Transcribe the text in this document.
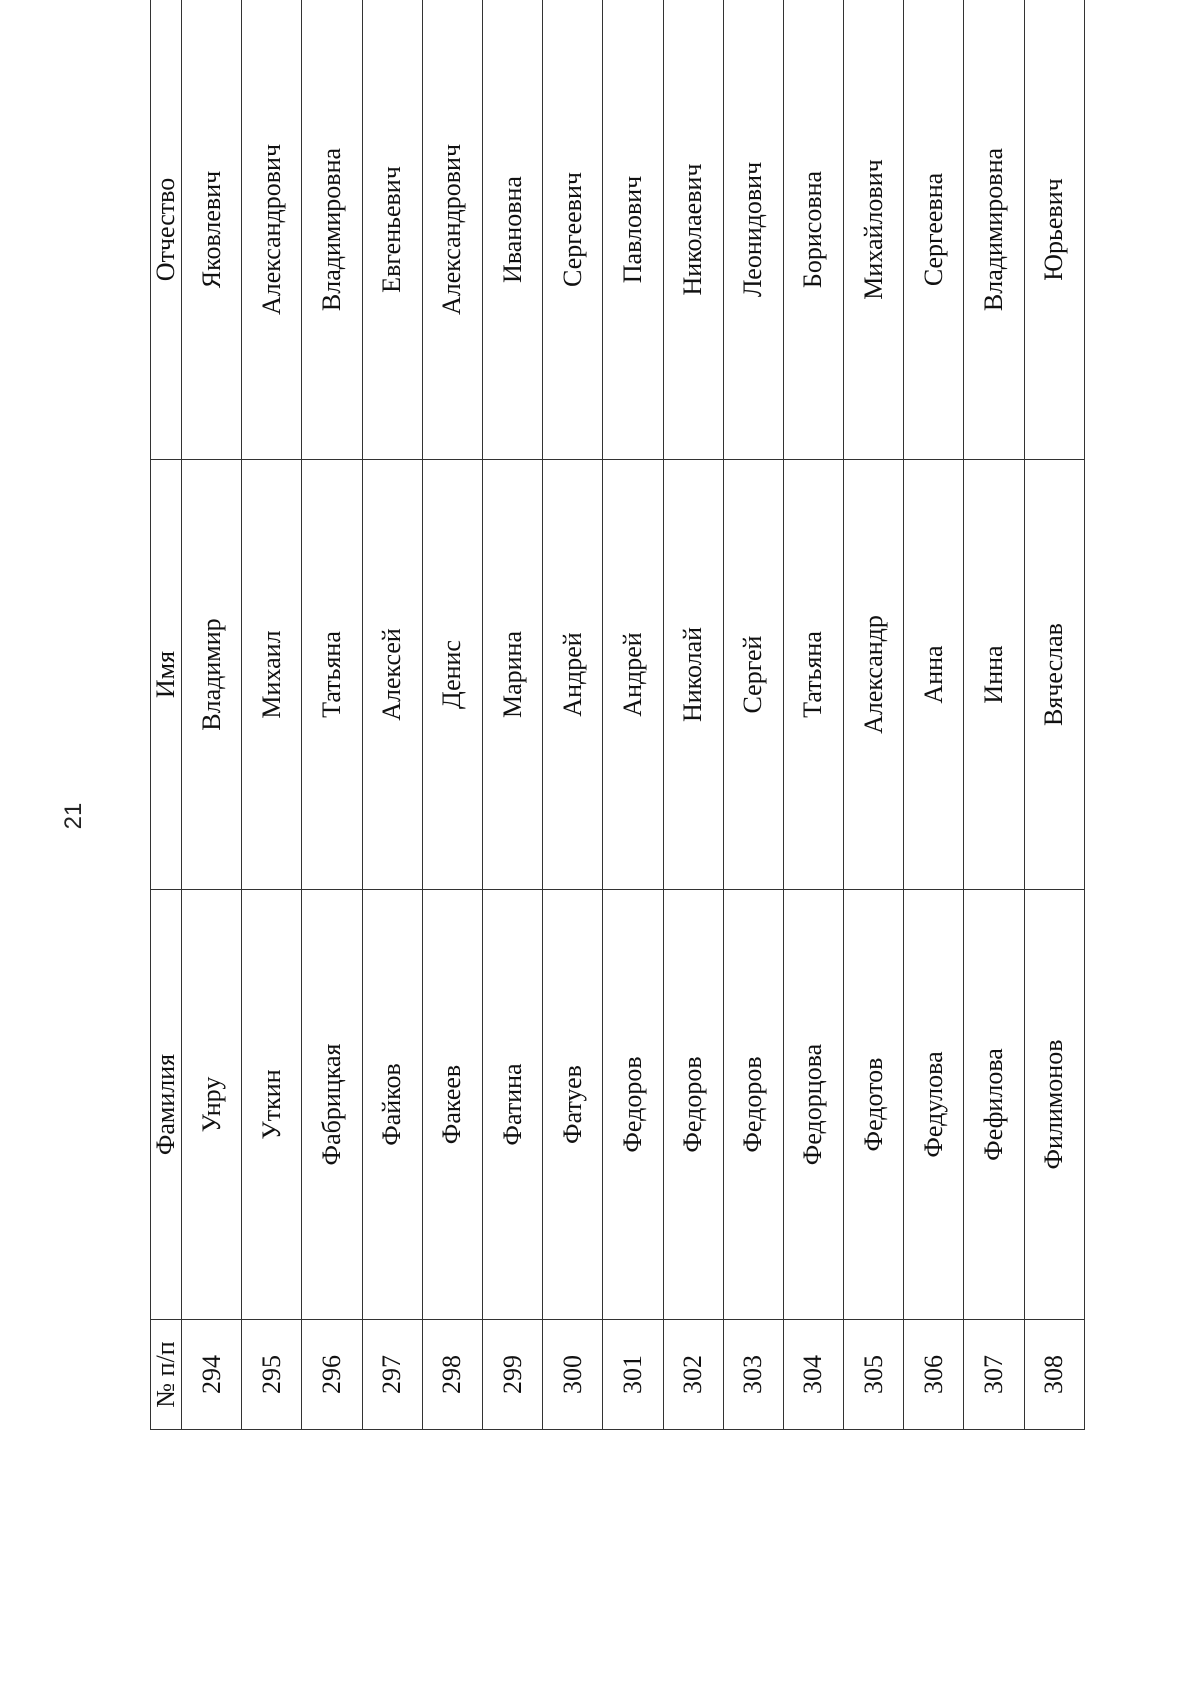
21
№ п/п	Фамилия	Имя	Отчество
294	Унру	Владимир	Яковлевич
295	Уткин	Михаил	Александрович
296	Фабрицкая	Татьяна	Владимировна
297	Файков	Алексей	Евгеньевич
298	Факеев	Денис	Александрович
299	Фатина	Марина	Ивановна
300	Фатуев	Андрей	Сергеевич
301	Федоров	Андрей	Павлович
302	Федоров	Николай	Николаевич
303	Федоров	Сергей	Леонидович
304	Федорцова	Татьяна	Борисовна
305	Федотов	Александр	Михайлович
306	Федулова	Анна	Сергеевна
307	Фефилова	Инна	Владимировна
308	Филимонов	Вячеслав	Юрьевич
